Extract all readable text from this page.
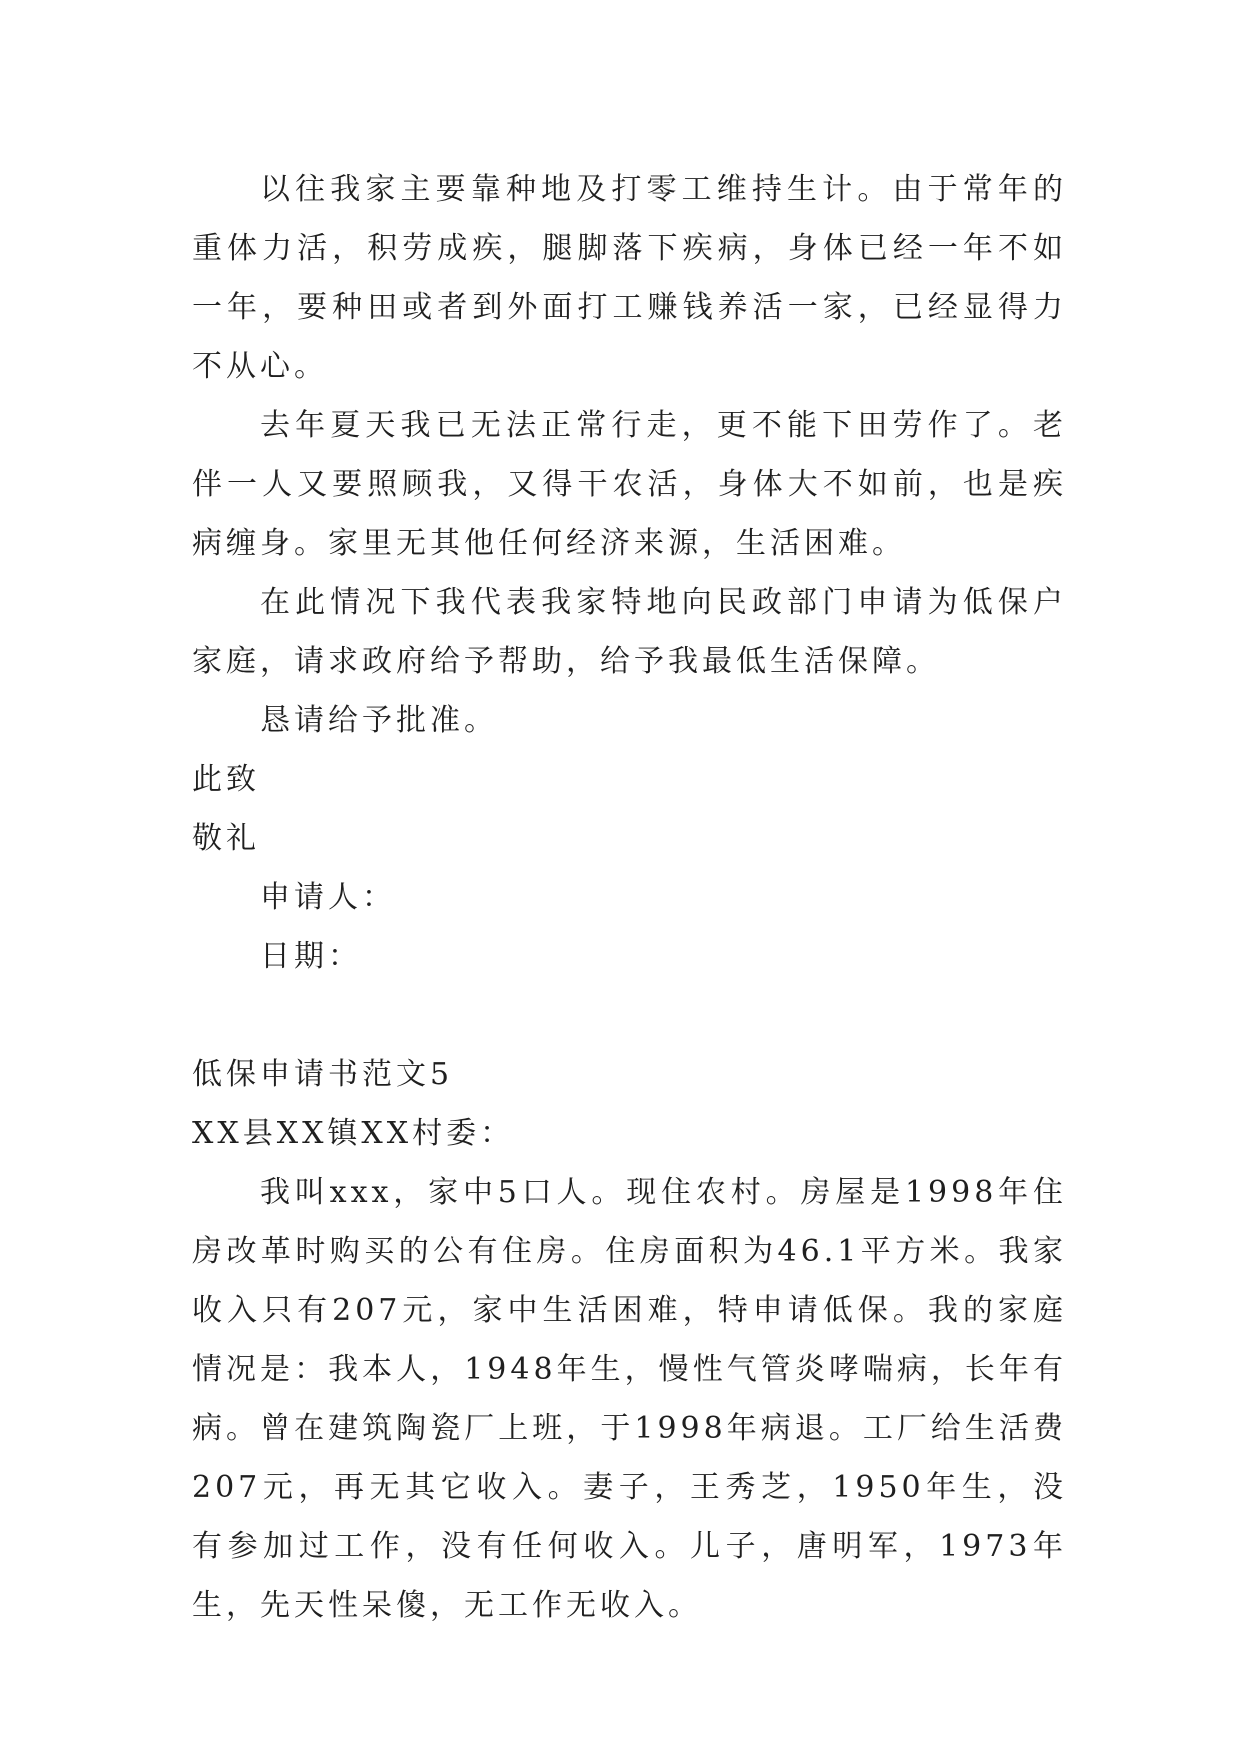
以往我家主要靠种地及打零工维持生计。由于常年的重体力活，积劳成疾，腿脚落下疾病，身体已经一年不如一年，要种田或者到外面打工赚钱养活一家，已经显得力不从心。

去年夏天我已无法正常行走，更不能下田劳作了。老伴一人又要照顾我，又得干农活，身体大不如前，也是疾病缠身。家里无其他任何经济来源，生活困难。

在此情况下我代表我家特地向民政部门申请为低保户家庭，请求政府给予帮助，给予我最低生活保障。

恳请给予批准。

此致

敬礼

申请人：

日期：

低保申请书范文5

XX县XX镇XX村委：

我叫xxx，家中5口人。现住农村。房屋是1998年住房改革时购买的公有住房。住房面积为46.1平方米。我家收入只有207元，家中生活困难，特申请低保。我的家庭情况是：我本人，1948年生，慢性气管炎哮喘病，长年有病。曾在建筑陶瓷厂上班，于1998年病退。工厂给生活费207元，再无其它收入。妻子，王秀芝，1950年生，没有参加过工作，没有任何收入。儿子，唐明军，1973年生，先天性呆傻，无工作无收入。
